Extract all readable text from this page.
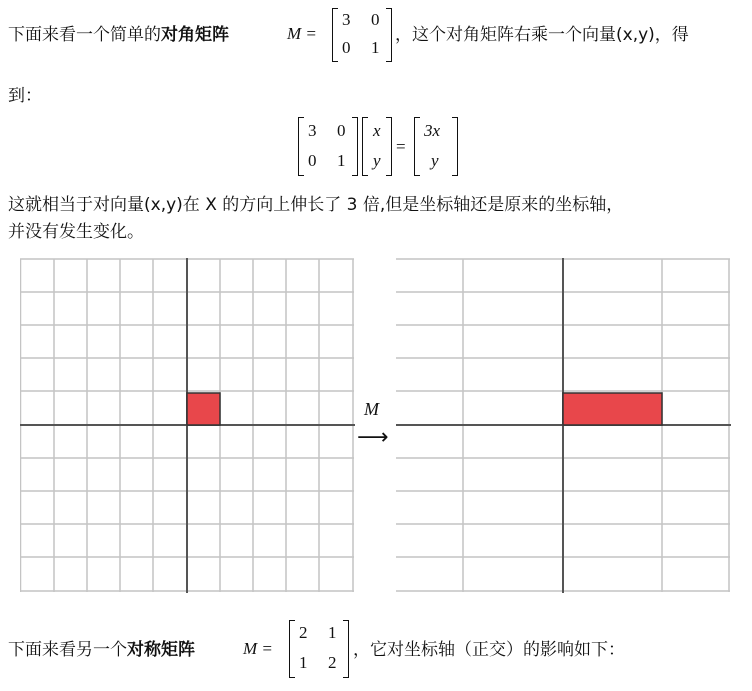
下面来看一个简单的对角矩阵	M =
3 0
0 1
，这个对角矩阵右乘一个向量(x,y)，得
到：
3 0
0 1
x
y
=
3x
y
这就相当于对向量(x,y)在 X 的方向上伸长了 3 倍,但是坐标轴还是原来的坐标轴，
并没有发生变化。
M
⟶
下面来看另一个对称矩阵	M =
2 1
1 2
，它对坐标轴（正交）的影响如下：
